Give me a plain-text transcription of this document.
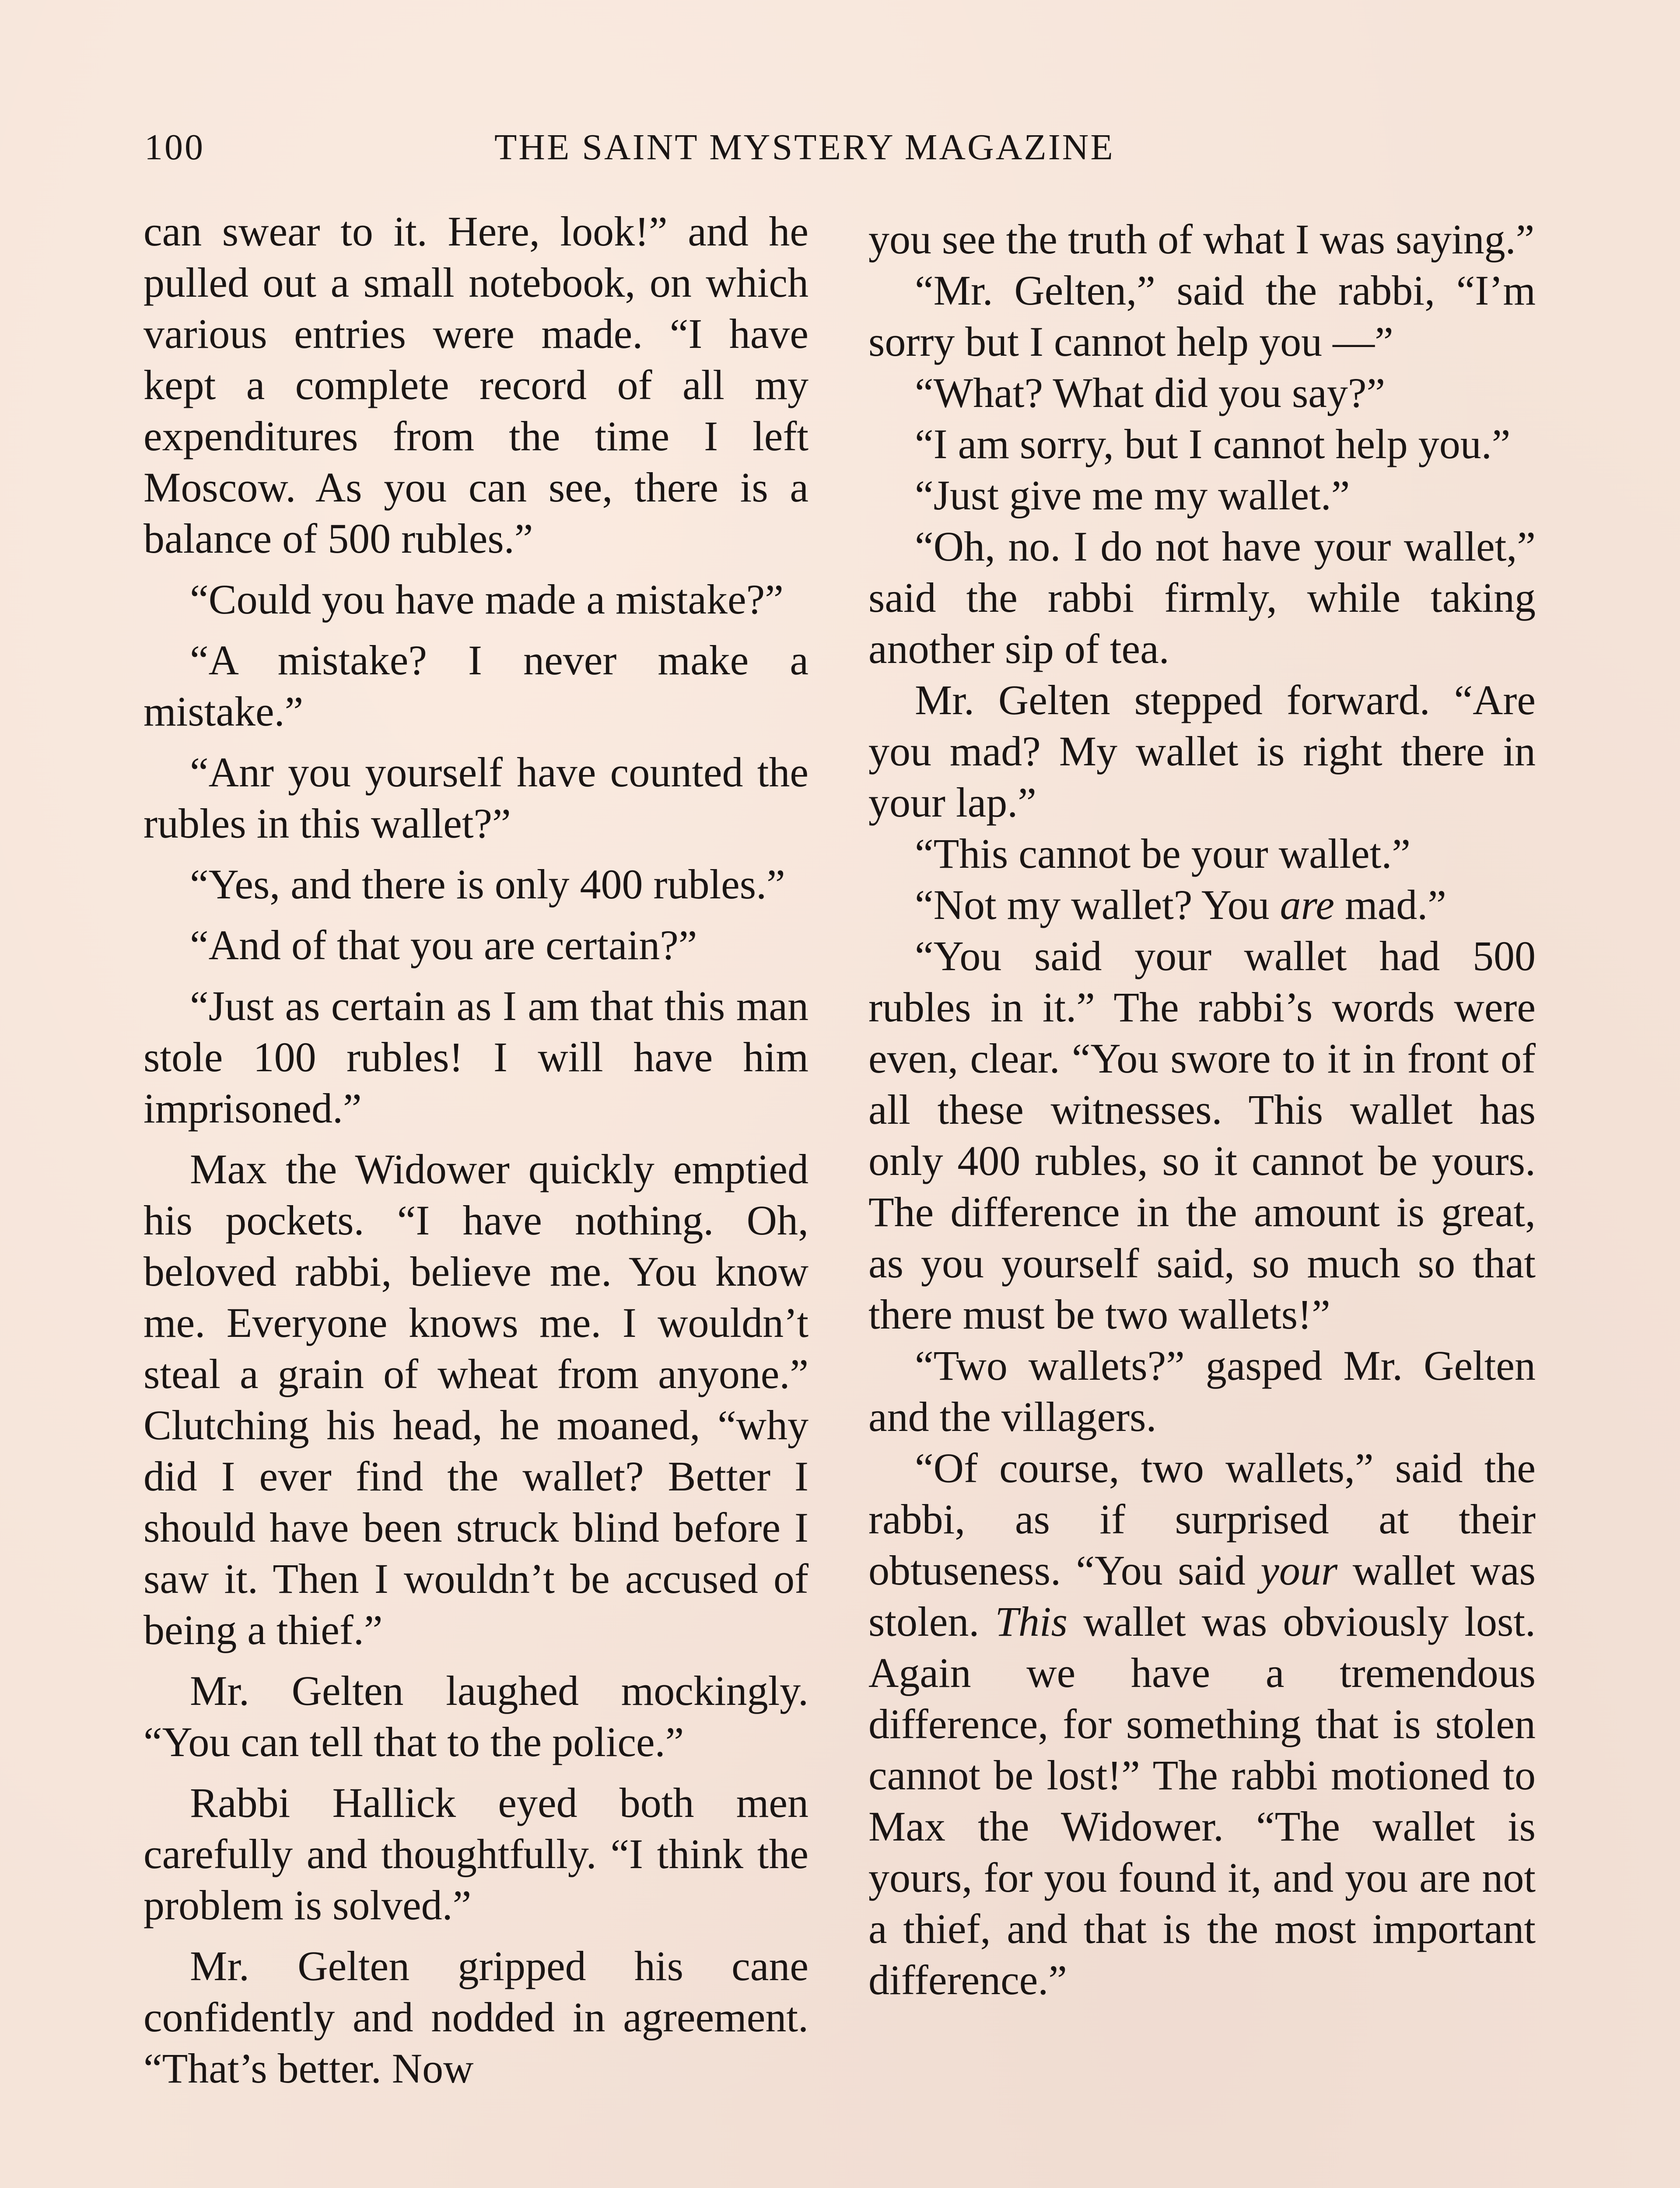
100	THE SAINT MYSTERY MAGAZINE

can swear to it. Here, look!” and he pulled out a small notebook, on which various entries were made. “I have kept a complete record of all my expenditures from the time I left Moscow. As you can see, there is a balance of 500 rubles.”

“Could you have made a mistake?”

“A mistake? I never make a mistake.”

“Anr you yourself have counted the rubles in this wallet?”

“Yes, and there is only 400 rubles.”

“And of that you are certain?”

“Just as certain as I am that this man stole 100 rubles! I will have him imprisoned.”

Max the Widower quickly emptied his pockets. “I have nothing. Oh, beloved rabbi, believe me. You know me. Everyone knows me. I wouldn’t steal a grain of wheat from anyone.” Clutching his head, he moaned, “why did I ever find the wallet? Better I should have been struck blind before I saw it. Then I wouldn’t be accused of being a thief.”

Mr. Gelten laughed mockingly. “You can tell that to the police.”

Rabbi Hallick eyed both men carefully and thoughtfully. “I think the problem is solved.”

Mr. Gelten gripped his cane confidently and nodded in agreement. “That’s better. Now

you see the truth of what I was saying.”

“Mr. Gelten,” said the rabbi, “I’m sorry but I cannot help you —”

“What? What did you say?”

“I am sorry, but I cannot help you.”

“Just give me my wallet.”

“Oh, no. I do not have your wallet,” said the rabbi firmly, while taking another sip of tea.

Mr. Gelten stepped forward. “Are you mad? My wallet is right there in your lap.”

“This cannot be your wallet.”

“Not my wallet? You are mad.”

“You said your wallet had 500 rubles in it.” The rabbi’s words were even, clear. “You swore to it in front of all these witnesses. This wallet has only 400 rubles, so it cannot be yours. The difference in the amount is great, as you yourself said, so much so that there must be two wallets!”

“Two wallets?” gasped Mr. Gelten and the villagers.

“Of course, two wallets,” said the rabbi, as if surprised at their obtuseness. “You said your wallet was stolen. This wallet was obviously lost. Again we have a tremendous difference, for something that is stolen cannot be lost!” The rabbi motioned to Max the Widower. “The wallet is yours, for you found it, and you are not a thief, and that is the most important difference.”
